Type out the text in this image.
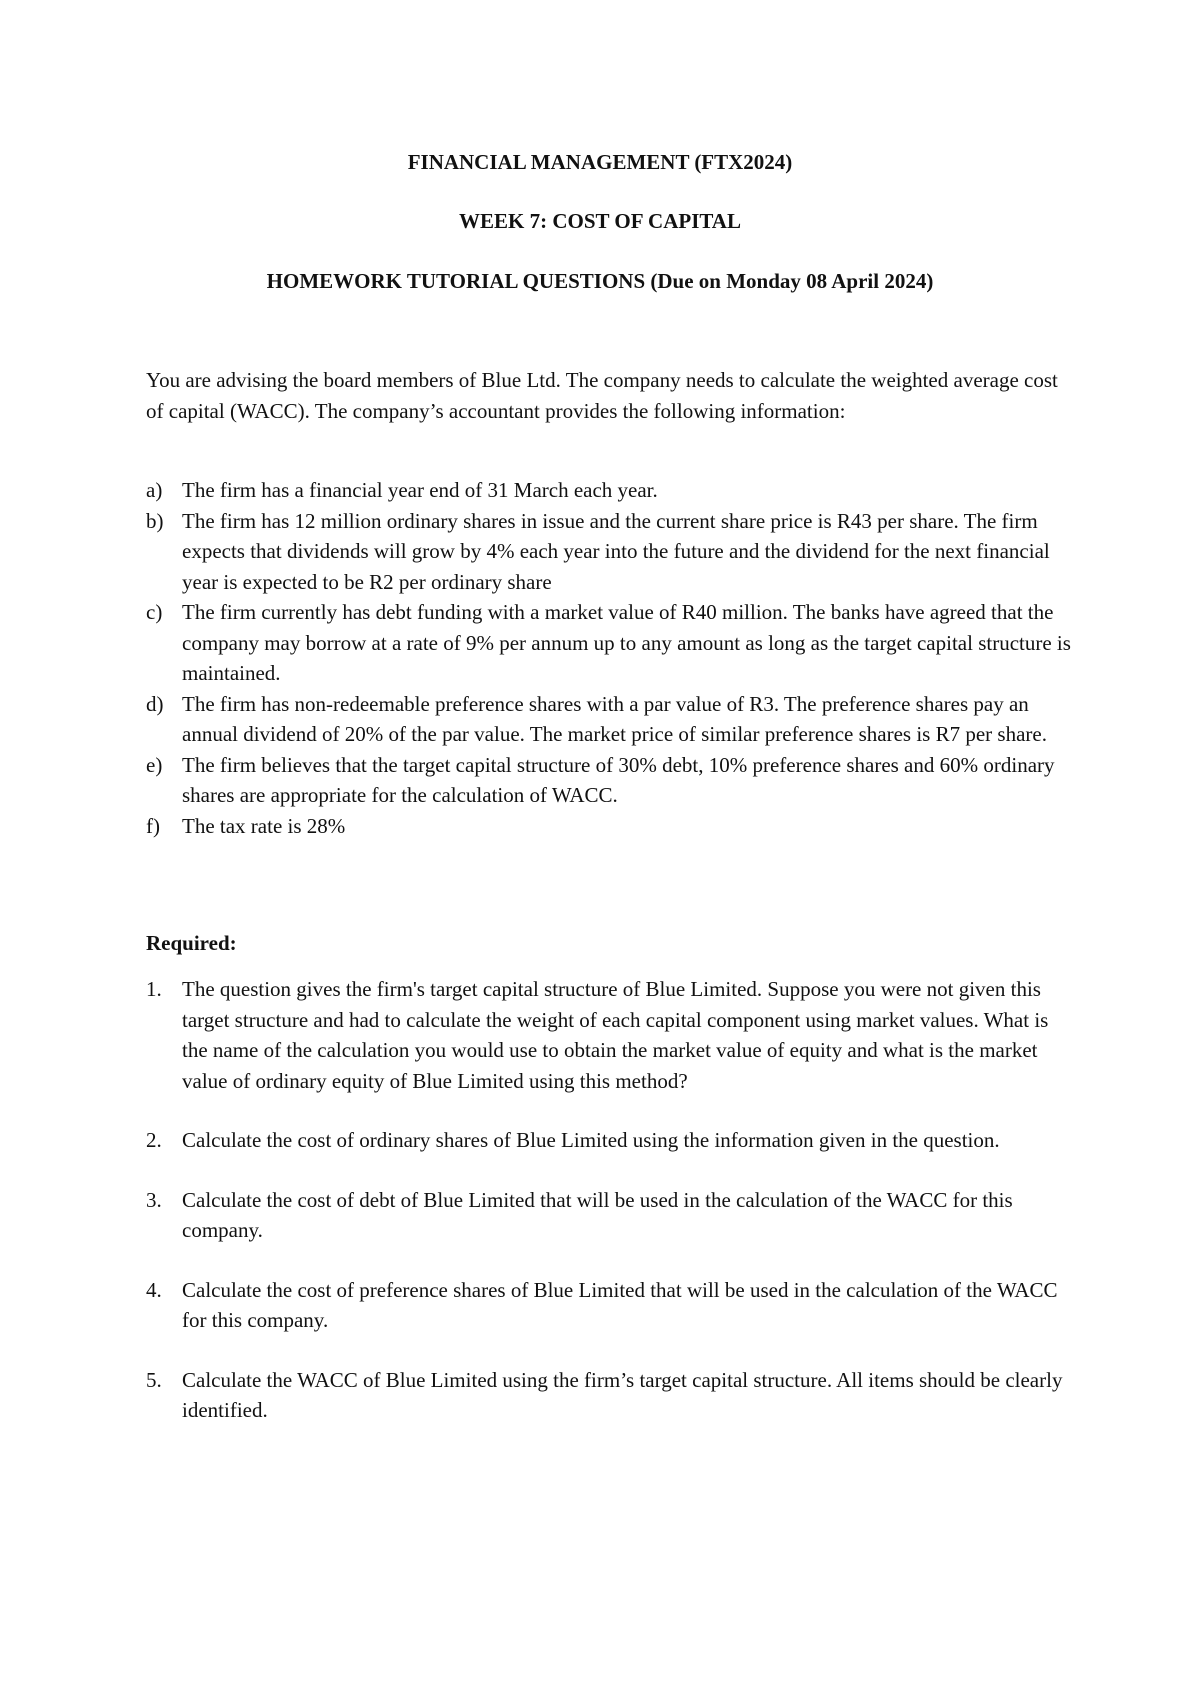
FINANCIAL MANAGEMENT (FTX2024)
WEEK 7: COST OF CAPITAL
HOMEWORK TUTORIAL QUESTIONS (Due on Monday 08 April 2024)
You are advising the board members of Blue Ltd. The company needs to calculate the weighted average cost of capital (WACC). The company’s accountant provides the following information:
a) The firm has a financial year end of 31 March each year.
b) The firm has 12 million ordinary shares in issue and the current share price is R43 per share. The firm expects that dividends will grow by 4% each year into the future and the dividend for the next financial year is expected to be R2 per ordinary share
c) The firm currently has debt funding with a market value of R40 million. The banks have agreed that the company may borrow at a rate of 9% per annum up to any amount as long as the target capital structure is maintained.
d) The firm has non-redeemable preference shares with a par value of R3. The preference shares pay an annual dividend of 20% of the par value. The market price of similar preference shares is R7 per share.
e) The firm believes that the target capital structure of 30% debt, 10% preference shares and 60% ordinary shares are appropriate for the calculation of WACC.
f) The tax rate is 28%
Required:
1. The question gives the firm's target capital structure of Blue Limited. Suppose you were not given this target structure and had to calculate the weight of each capital component using market values. What is the name of the calculation you would use to obtain the market value of equity and what is the market value of ordinary equity of Blue Limited using this method?
2. Calculate the cost of ordinary shares of Blue Limited using the information given in the question.
3. Calculate the cost of debt of Blue Limited that will be used in the calculation of the WACC for this company.
4. Calculate the cost of preference shares of Blue Limited that will be used in the calculation of the WACC for this company.
5. Calculate the WACC of Blue Limited using the firm’s target capital structure. All items should be clearly identified.
